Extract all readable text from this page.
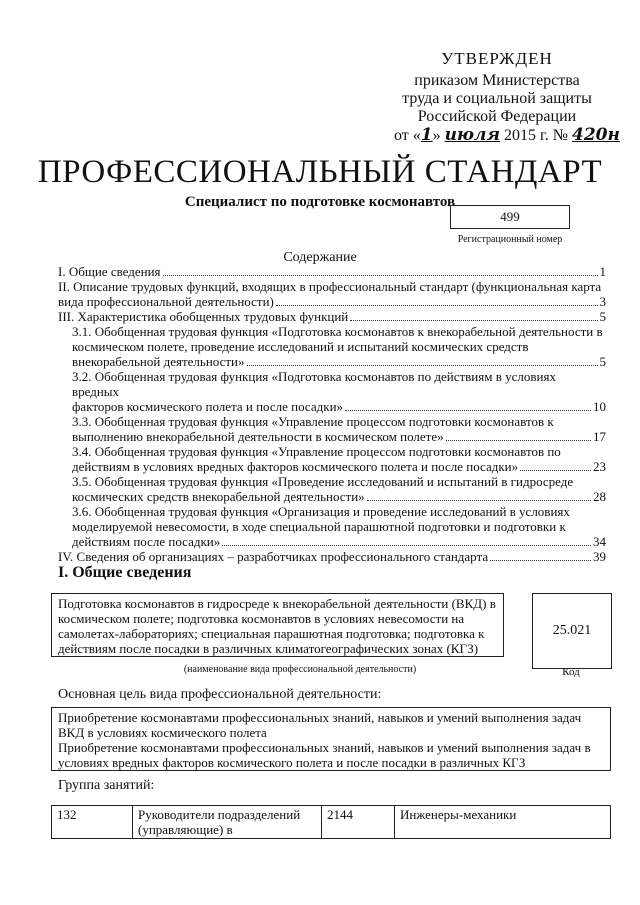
УТВЕРЖДЕН
приказом Министерства
труда и социальной защиты
Российской Федерации
от «1» июля 2015 г. № 420н
ПРОФЕССИОНАЛЬНЫЙ СТАНДАРТ
Специалист по подготовке космонавтов
499
Регистрационный номер
Содержание
I. Общие сведения	1
II. Описание трудовых функций, входящих в профессиональный стандарт (функциональная карта
вида профессиональной деятельности)	3
III. Характеристика обобщенных трудовых функций	5
3.1. Обобщенная трудовая функция «Подготовка космонавтов к внекорабельной деятельности в
космическом полете, проведение исследований и испытаний космических средств
внекорабельной деятельности»	5
3.2. Обобщенная трудовая функция «Подготовка космонавтов по действиям в условиях вредных
факторов космического полета и после посадки»	10
3.3. Обобщенная трудовая функция «Управление процессом подготовки космонавтов к
выполнению внекорабельной деятельности в космическом полете»	17
3.4. Обобщенная трудовая функция «Управление процессом подготовки космонавтов по
действиям в условиях вредных факторов космического полета и после посадки»	23
3.5. Обобщенная трудовая функция «Проведение исследований и испытаний в гидросреде
космических средств внекорабельной деятельности»	28
3.6. Обобщенная трудовая функция «Организация и проведение исследований в условиях
моделируемой невесомости, в ходе специальной парашютной подготовки и подготовки к
действиям после посадки»	34
IV. Сведения об организациях – разработчиках профессионального стандарта	39
I. Общие сведения
Подготовка космонавтов в гидросреде к внекорабельной деятельности (ВКД) в космическом полете; подготовка космонавтов в условиях невесомости на самолетах-лабораториях; специальная парашютная подготовка; подготовка к действиям после посадки в различных климатогеографических зонах (КГЗ)
25.021
(наименование вида профессиональной деятельности)	Код
Основная цель вида профессиональной деятельности:
Приобретение космонавтами профессиональных знаний, навыков и умений выполнения задач ВКД в условиях космического полета
Приобретение космонавтами профессиональных знаний, навыков и умений выполнения задач в условиях вредных факторов космического полета и после посадки в различных КГЗ
Группа занятий:
132	Руководители подразделений (управляющие) в	2144	Инженеры-механики
